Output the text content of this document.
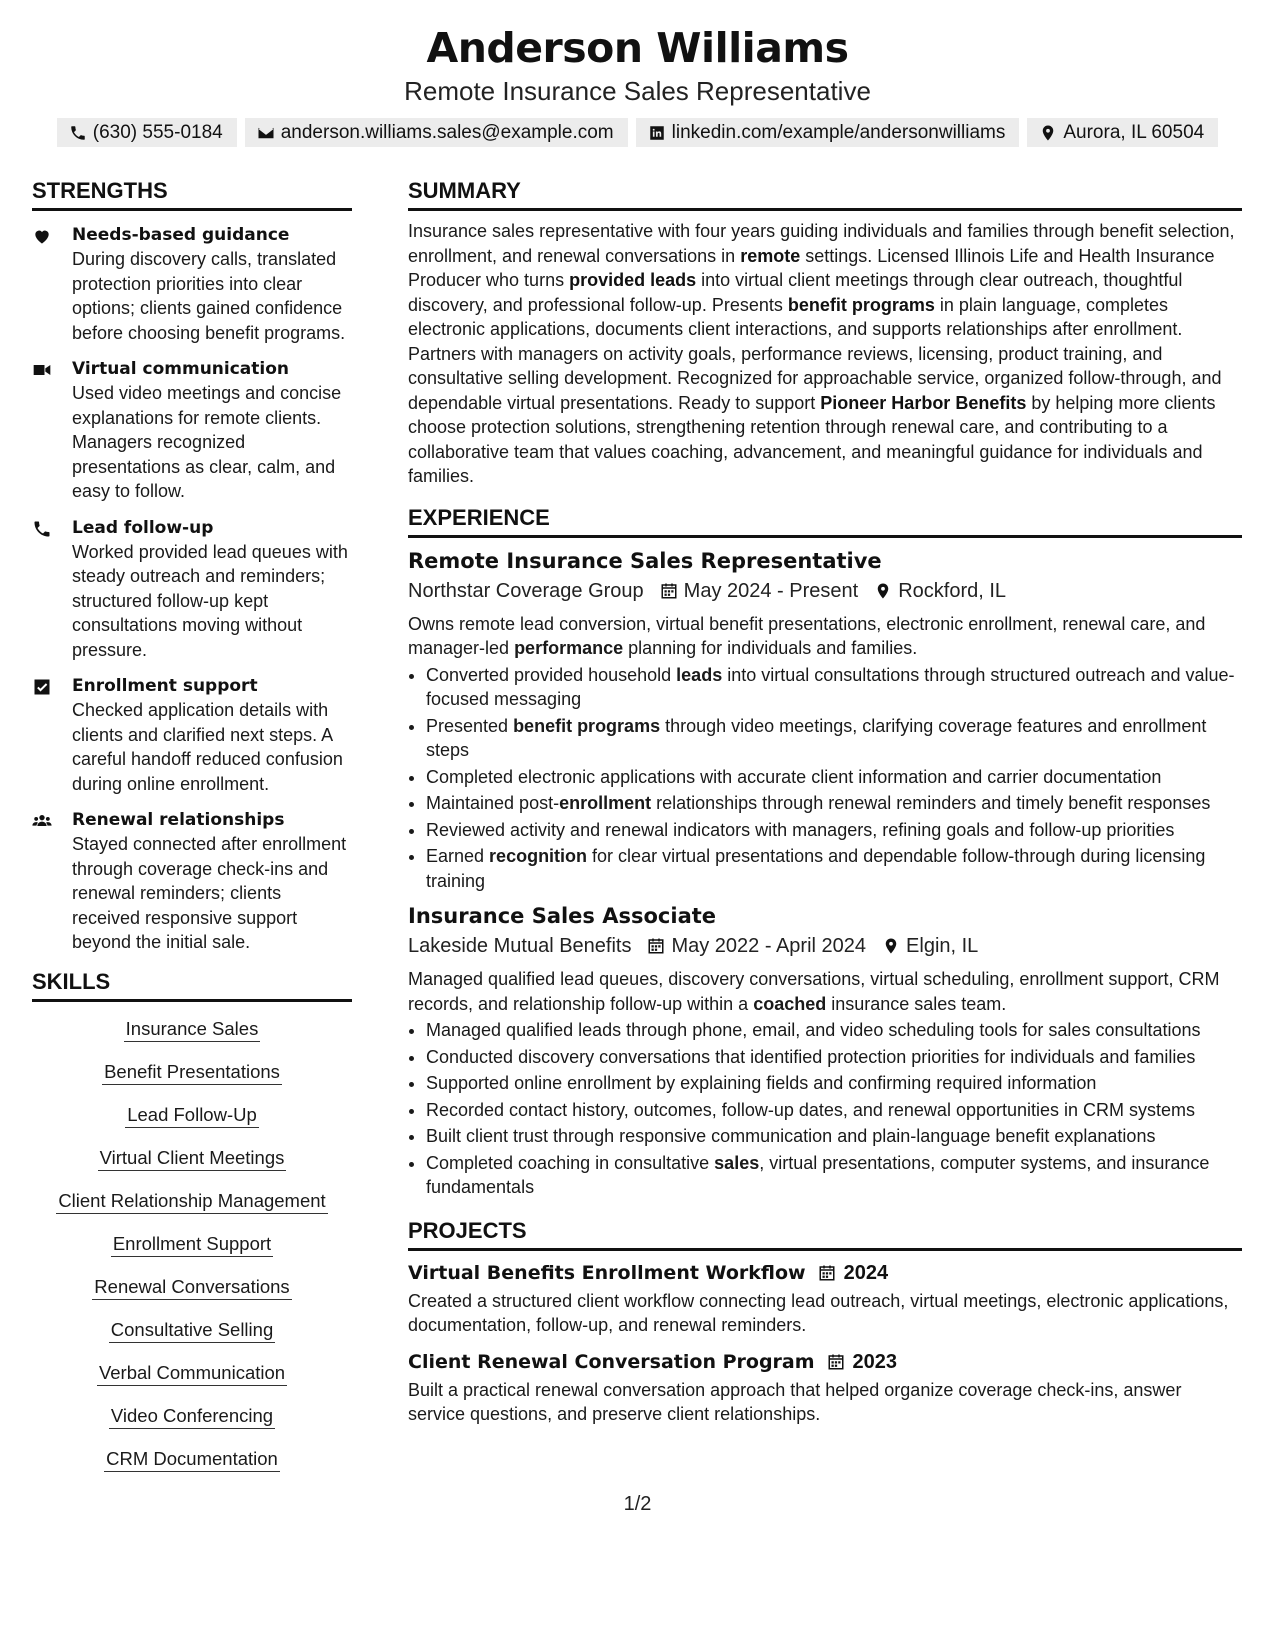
Anderson Williams

Remote Insurance Sales Representative

(630) 555-0184	anderson.williams.sales@example.com	linkedin.com/example/andersonwilliams	Aurora, IL 60504
STRENGTHS
Needs-based guidance
During discovery calls, translated protection priorities into clear options; clients gained confidence before choosing benefit programs.
Virtual communication
Used video meetings and concise explanations for remote clients. Managers recognized presentations as clear, calm, and easy to follow.
Lead follow-up
Worked provided lead queues with steady outreach and reminders; structured follow-up kept consultations moving without pressure.
Enrollment support
Checked application details with clients and clarified next steps. A careful handoff reduced confusion during online enrollment.
Renewal relationships
Stayed connected after enrollment through coverage check-ins and renewal reminders; clients received responsive support beyond the initial sale.
SKILLS
Insurance Sales
Benefit Presentations
Lead Follow-Up
Virtual Client Meetings
Client Relationship Management
Enrollment Support
Renewal Conversations
Consultative Selling
Verbal Communication
Video Conferencing
CRM Documentation
SUMMARY

Insurance sales representative with four years guiding individuals and families through benefit selection, enrollment, and renewal conversations in remote settings. Licensed Illinois Life and Health Insurance Producer who turns provided leads into virtual client meetings through clear outreach, thoughtful discovery, and professional follow-up. Presents benefit programs in plain language, completes electronic applications, documents client interactions, and supports relationships after enrollment. Partners with managers on activity goals, performance reviews, licensing, product training, and consultative selling development. Recognized for approachable service, organized follow-through, and dependable virtual presentations. Ready to support Pioneer Harbor Benefits by helping more clients choose protection solutions, strengthening retention through renewal care, and contributing to a collaborative team that values coaching, advancement, and meaningful guidance for individuals and families.

EXPERIENCE
Remote Insurance Sales Representative
Northstar Coverage Group May 2024 - Present Rockford, IL

Owns remote lead conversion, virtual benefit presentations, electronic enrollment, renewal care, and manager-led performance planning for individuals and families.

• Converted provided household leads into virtual consultations through structured outreach and value-focused messaging
• Presented benefit programs through video meetings, clarifying coverage features and enrollment steps
• Completed electronic applications with accurate client information and carrier documentation
• Maintained post-enrollment relationships through renewal reminders and timely benefit responses
• Reviewed activity and renewal indicators with managers, refining goals and follow-up priorities
• Earned recognition for clear virtual presentations and dependable follow-through during licensing training
Insurance Sales Associate
Lakeside Mutual Benefits May 2022 - April 2024 Elgin, IL

Managed qualified lead queues, discovery conversations, virtual scheduling, enrollment support, CRM records, and relationship follow-up within a coached insurance sales team.

• Managed qualified leads through phone, email, and video scheduling tools for sales consultations
• Conducted discovery conversations that identified protection priorities for individuals and families
• Supported online enrollment by explaining fields and confirming required information
• Recorded contact history, outcomes, follow-up dates, and renewal opportunities in CRM systems
• Built client trust through responsive communication and plain-language benefit explanations
• Completed coaching in consultative sales, virtual presentations, computer systems, and insurance fundamentals
PROJECTS
Virtual Benefits Enrollment Workflow 2024

Created a structured client workflow connecting lead outreach, virtual meetings, electronic applications, documentation, follow-up, and renewal reminders.

Client Renewal Conversation Program 2023

Built a practical renewal conversation approach that helped organize coverage check-ins, answer service questions, and preserve client relationships.

1/2
